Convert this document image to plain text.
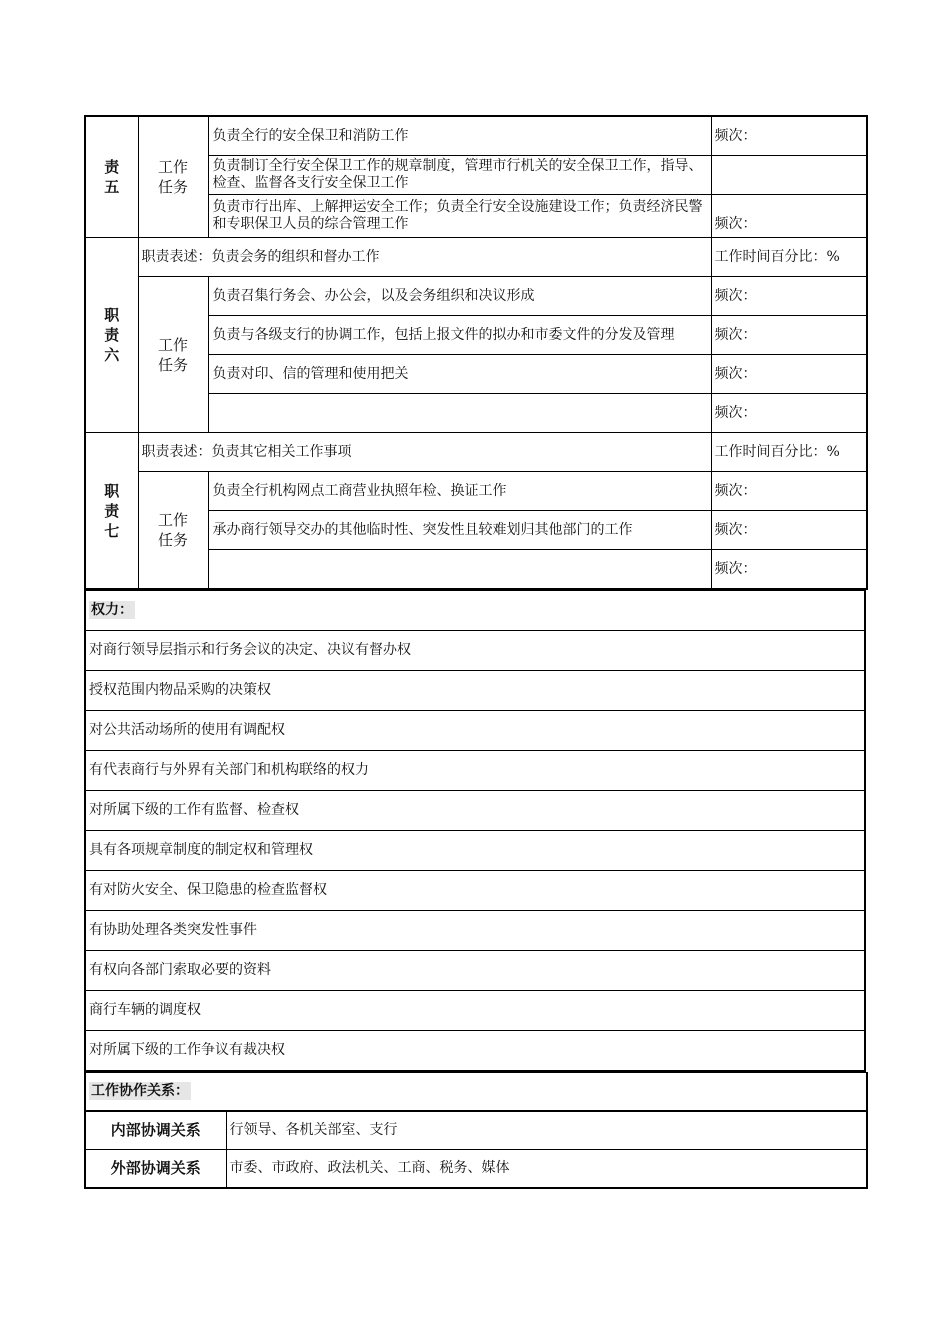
责
五	工作
任务	负责全行的安全保卫和消防工作	频次：
		负责制订全行安全保卫工作的规章制度，管理市行机关的安全保卫工作，指导、检查、监督各支行安全保卫工作	
		负责市行出库、上解押运安全工作；负责全行安全设施建设工作；负责经济民警和专职保卫人员的综合管理工作	频次：
职
责
六	职责表述：负责会务的组织和督办工作		工作时间百分比：%
	工作
任务	负责召集行务会、办公会，以及会务组织和决议形成	频次：
		负责与各级支行的协调工作，包括上报文件的拟办和市委文件的分发及管理	频次：
		负责对印、信的管理和使用把关	频次：
			频次：
职
责
七	职责表述：负责其它相关工作事项		工作时间百分比：%
	工作
任务	负责全行机构网点工商营业执照年检、换证工作	频次：
		承办商行领导交办的其他临时性、突发性且较难划归其他部门的工作	频次：
			频次：
权力：
对商行领导层指示和行务会议的决定、决议有督办权
授权范围内物品采购的决策权
对公共活动场所的使用有调配权
有代表商行与外界有关部门和机构联络的权力
对所属下级的工作有监督、检查权
具有各项规章制度的制定权和管理权
有对防火安全、保卫隐患的检查监督权
有协助处理各类突发性事件
有权向各部门索取必要的资料
商行车辆的调度权
对所属下级的工作争议有裁决权
工作协作关系：	
内部协调关系	行领导、各机关部室、支行
外部协调关系	市委、市政府、政法机关、工商、税务、媒体
